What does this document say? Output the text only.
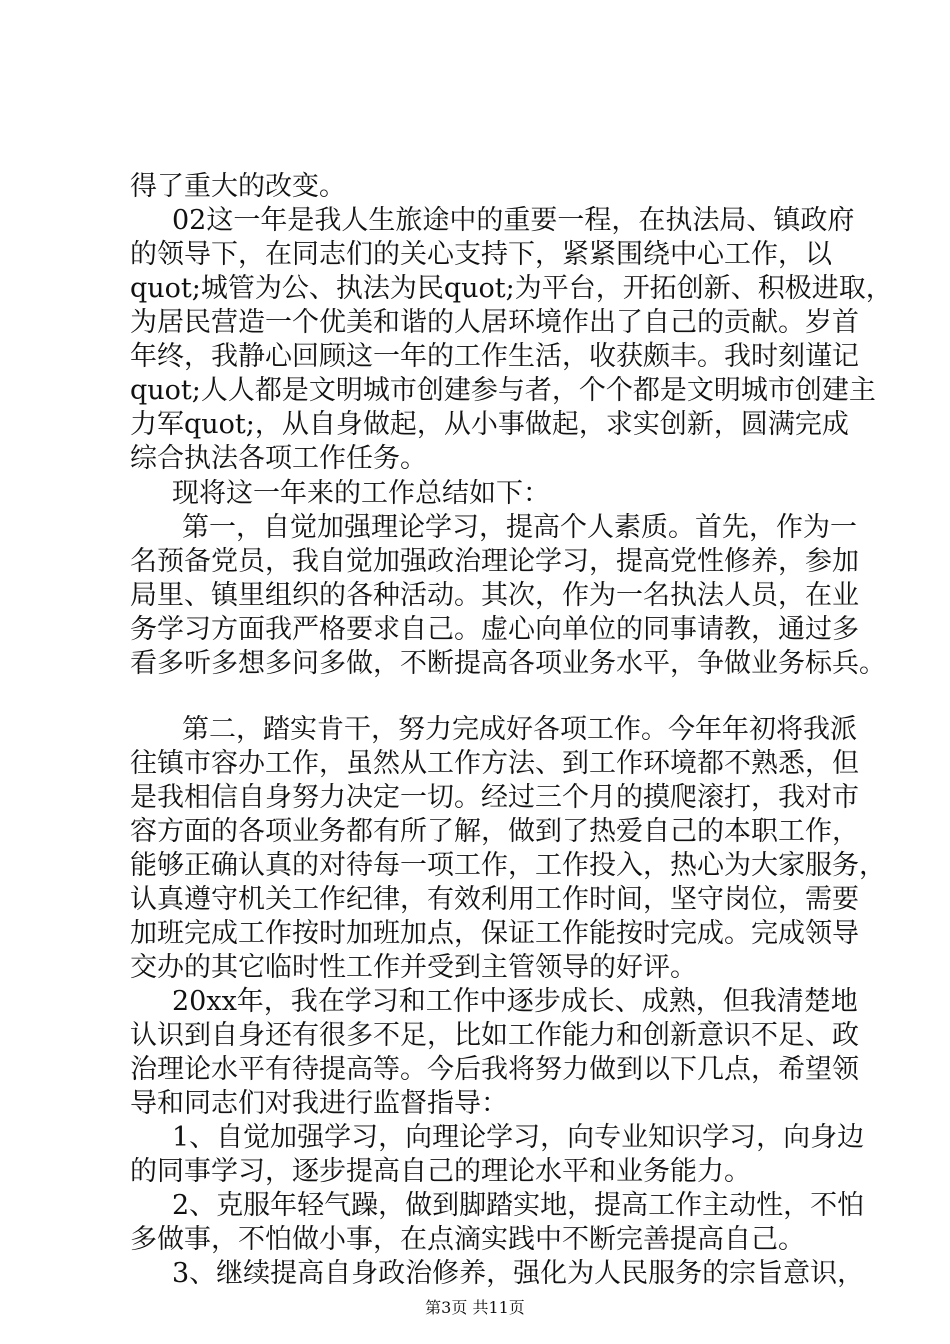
得了重大的改变。
02这一年是我人生旅途中的重要一程，在执法局、镇政府
的领导下，在同志们的关心支持下，紧紧围绕中心工作，以
quot;城管为公、执法为民quot;为平台，开拓创新、积极进取，
为居民营造一个优美和谐的人居环境作出了自己的贡献。岁首
年终，我静心回顾这一年的工作生活，收获颇丰。我时刻谨记
quot;人人都是文明城市创建参与者，个个都是文明城市创建主
力军quot;，从自身做起，从小事做起，求实创新，圆满完成
综合执法各项工作任务。
现将这一年来的工作总结如下：
第一，自觉加强理论学习，提高个人素质。首先，作为一
名预备党员，我自觉加强政治理论学习，提高党性修养，参加
局里、镇里组织的各种活动。其次，作为一名执法人员，在业
务学习方面我严格要求自己。虚心向单位的同事请教，通过多
看多听多想多问多做，不断提高各项业务水平，争做业务标兵。
第二，踏实肯干，努力完成好各项工作。今年年初将我派
往镇市容办工作，虽然从工作方法、到工作环境都不熟悉，但
是我相信自身努力决定一切。经过三个月的摸爬滚打，我对市
容方面的各项业务都有所了解，做到了热爱自己的本职工作，
能够正确认真的对待每一项工作，工作投入，热心为大家服务，
认真遵守机关工作纪律，有效利用工作时间，坚守岗位，需要
加班完成工作按时加班加点，保证工作能按时完成。完成领导
交办的其它临时性工作并受到主管领导的好评。
20xx年，我在学习和工作中逐步成长、成熟，但我清楚地
认识到自身还有很多不足，比如工作能力和创新意识不足、政
治理论水平有待提高等。今后我将努力做到以下几点，希望领
导和同志们对我进行监督指导：
1、自觉加强学习，向理论学习，向专业知识学习，向身边
的同事学习，逐步提高自己的理论水平和业务能力。
2、克服年轻气躁，做到脚踏实地，提高工作主动性，不怕
多做事，不怕做小事，在点滴实践中不断完善提高自己。
3、继续提高自身政治修养，强化为人民服务的宗旨意识，
第3页 共11页
